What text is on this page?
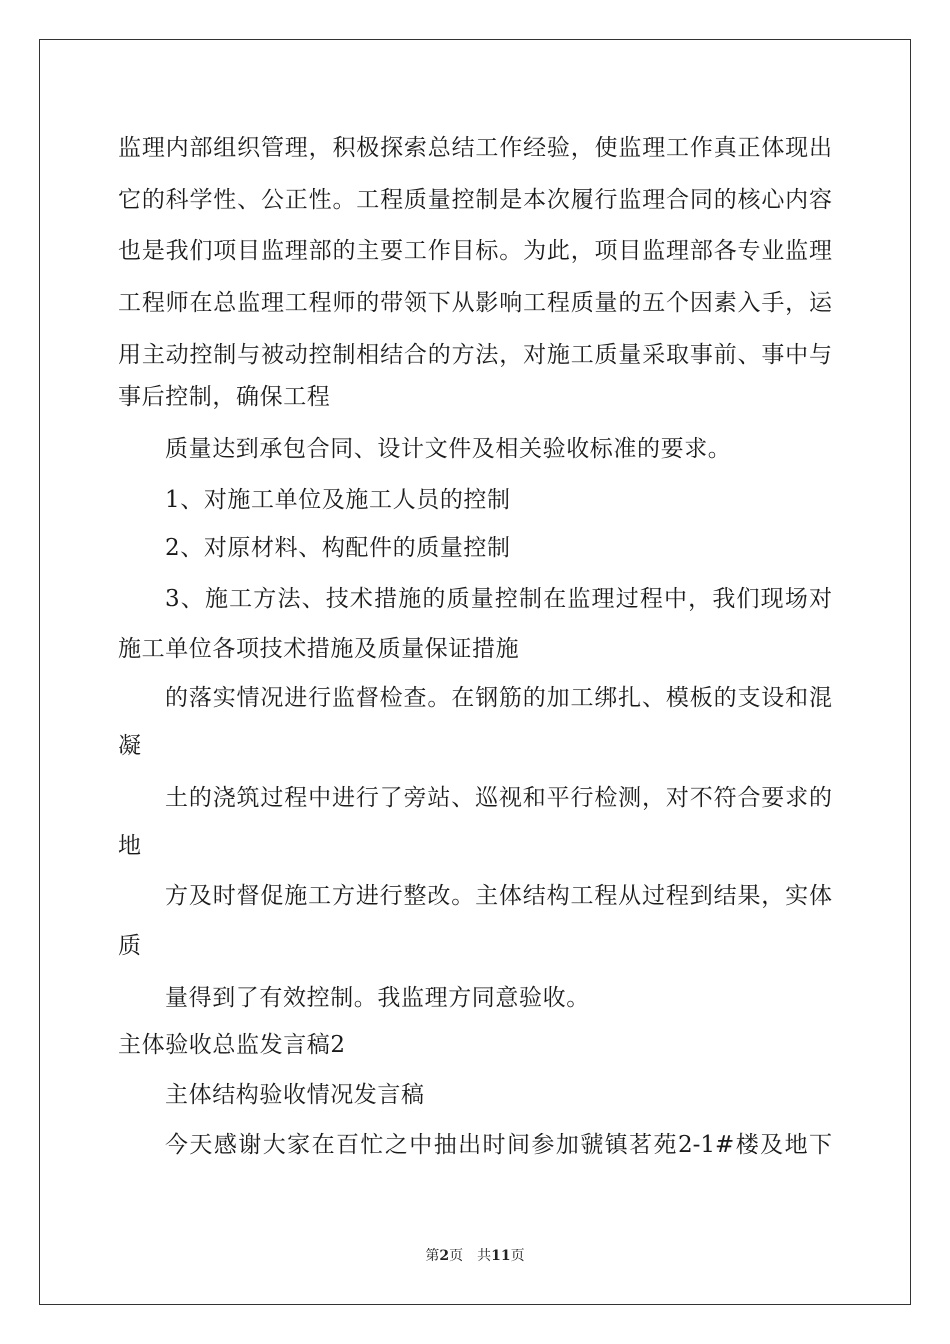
监理内部组织管理，积极探索总结工作经验，使监理工作真正体现出
它的科学性、公正性。工程质量控制是本次履行监理合同的核心内容
也是我们项目监理部的主要工作目标。为此，项目监理部各专业监理
工程师在总监理工程师的带领下从影响工程质量的五个因素入手，运
用主动控制与被动控制相结合的方法，对施工质量采取事前、事中与
事后控制，确保工程
质量达到承包合同、设计文件及相关验收标准的要求。
1、对施工单位及施工人员的控制
2、对原材料、构配件的质量控制
3、施工方法、技术措施的质量控制在监理过程中，我们现场对
施工单位各项技术措施及质量保证措施
的落实情况进行监督检查。在钢筋的加工绑扎、模板的支设和混
凝
土的浇筑过程中进行了旁站、巡视和平行检测，对不符合要求的
地
方及时督促施工方进行整改。主体结构工程从过程到结果，实体
质
量得到了有效控制。我监理方同意验收。
主体验收总监发言稿2
主体结构验收情况发言稿
今天感谢大家在百忙之中抽出时间参加虢镇茗苑2-1#楼及地下
第2页 共11页
